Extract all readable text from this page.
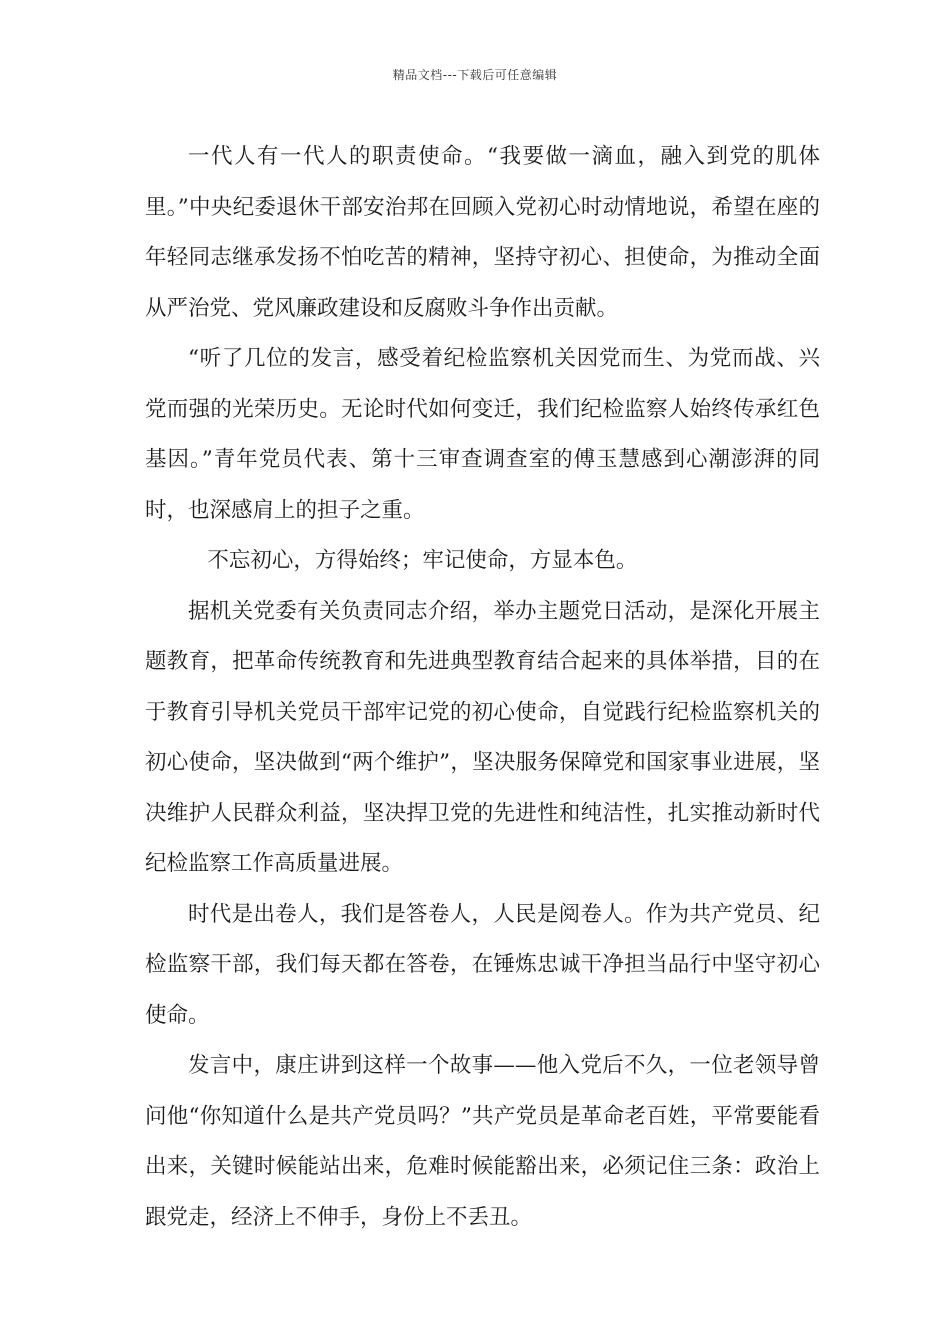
精品文档---下载后可任意编辑

一代人有一代人的职责使命。“我要做一滴血，融入到党的肌体里。”中央纪委退休干部安治邦在回顾入党初心时动情地说，希望在座的年轻同志继承发扬不怕吃苦的精神，坚持守初心、担使命，为推动全面从严治党、党风廉政建设和反腐败斗争作出贡献。

“听了几位的发言，感受着纪检监察机关因党而生、为党而战、兴党而强的光荣历史。无论时代如何变迁，我们纪检监察人始终传承红色基因。”青年党员代表、第十三审查调查室的傅玉慧感到心潮澎湃的同时，也深感肩上的担子之重。

不忘初心，方得始终；牢记使命，方显本色。

据机关党委有关负责同志介绍，举办主题党日活动，是深化开展主题教育，把革命传统教育和先进典型教育结合起来的具体举措，目的在于教育引导机关党员干部牢记党的初心使命，自觉践行纪检监察机关的初心使命，坚决做到“两个维护”，坚决服务保障党和国家事业进展，坚决维护人民群众利益，坚决捍卫党的先进性和纯洁性，扎实推动新时代纪检监察工作高质量进展。

时代是出卷人，我们是答卷人，人民是阅卷人。作为共产党员、纪检监察干部，我们每天都在答卷，在锤炼忠诚干净担当品行中坚守初心使命。

发言中，康庄讲到这样一个故事——他入党后不久，一位老领导曾问他“你知道什么是共产党员吗？”共产党员是革命老百姓，平常要能看出来，关键时候能站出来，危难时候能豁出来，必须记住三条：政治上跟党走，经济上不伸手，身份上不丢丑。
